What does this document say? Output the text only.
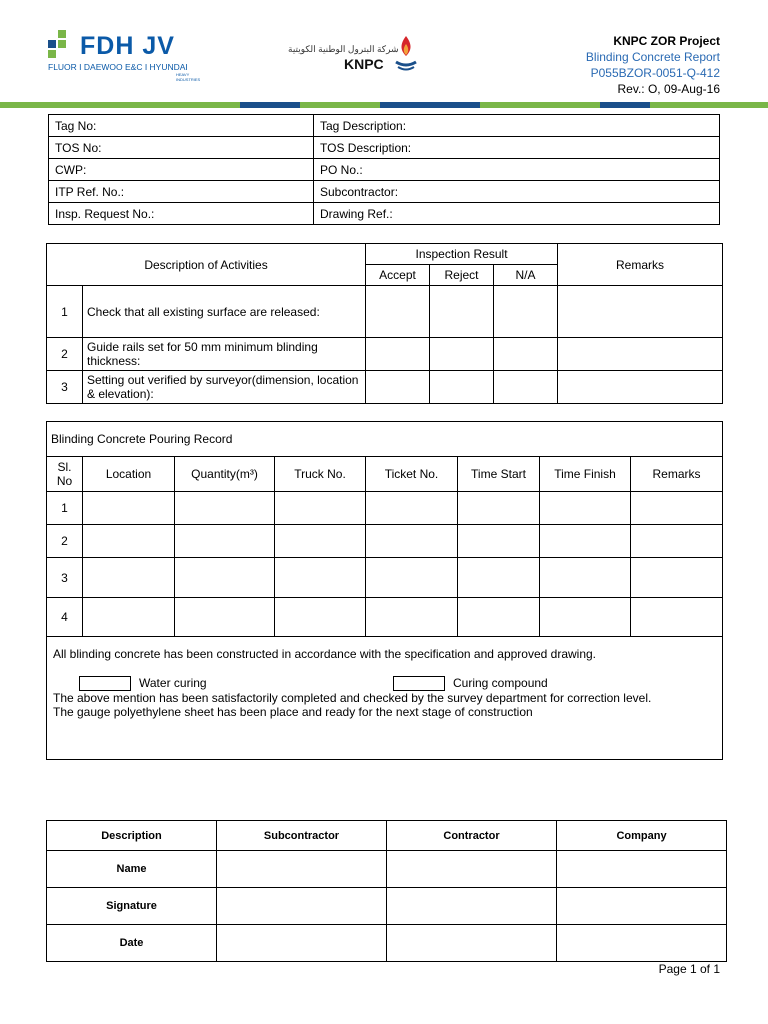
FDH JV
FLUOR I DAEWOO E&C I HYUNDAI
HEAVY INDUSTRIES
شركة البترول الوطنية الكويتية
KNPC
KNPC ZOR Project
Blinding Concrete Report
P055BZOR-0051-Q-412
Rev.: O, 09-Aug-16
Tag No:	Tag Description:
TOS No:	TOS Description:
CWP:	PO No.:
ITP Ref. No.:	Subcontractor:
Insp. Request No.:	Drawing Ref.:
Description of Activities		Inspection Result			Remarks
		Accept	Reject	N/A	
1	Check that all existing surface are released:				
2	Guide rails set for 50 mm minimum blinding thickness:				
3	Setting out verified by surveyor(dimension, location & elevation):				
Blinding Concrete Pouring Record							
Sl. No	Location	Quantity(m³)	Truck No.	Ticket No.	Time Start	Time Finish	Remarks
1							
2							
3							
4							
All blinding concrete has been constructed in accordance with the specification and approved drawing.
Water curing	Curing compound
The above mention has been satisfactorily completed and checked by the survey department for correction level.
The gauge polyethylene sheet has been place and ready for the next stage of construction
Description	Subcontractor	Contractor	Company
Name			
Signature			
Date			
Page 1 of 1
